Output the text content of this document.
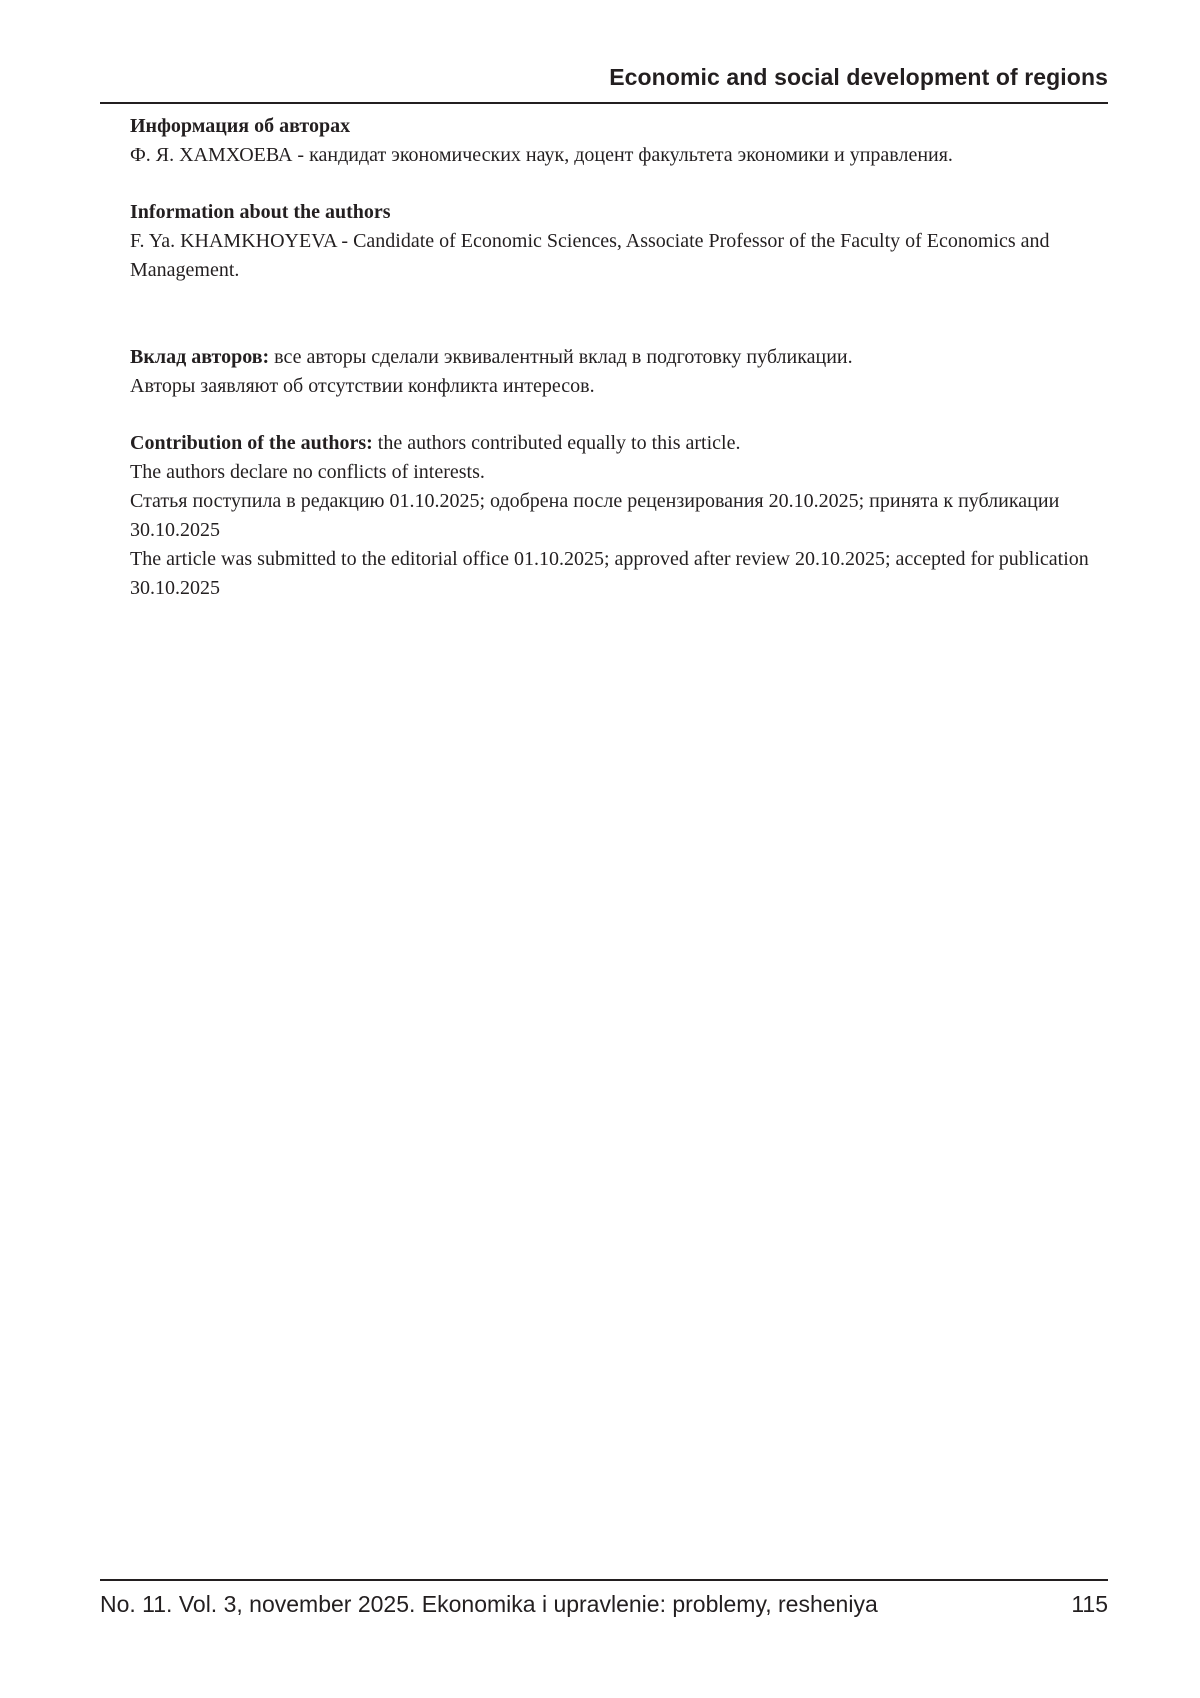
Economic and social development of regions

Информация об авторах

Ф. Я. ХАМХОЕВА - кандидат экономических наук, доцент факультета экономики и управления.

Information about the authors

F. Ya. KHAMKHOYEVA - Candidate of Economic Sciences, Associate Professor of the Faculty of Economics and Management.

Вклад авторов: все авторы сделали эквивалентный вклад в подготовку публикации.

Авторы заявляют об отсутствии конфликта интересов.

Contribution of the authors: the authors contributed equally to this article.

The authors declare no conflicts of interests.

Статья поступила в редакцию 01.10.2025; одобрена после рецензирования 20.10.2025; принята к публикации 30.10.2025

The article was submitted to the editorial office 01.10.2025; approved after review 20.10.2025; accepted for publication 30.10.2025

No. 11. Vol. 3, november 2025. Ekonomika i upravlenie: problemy, resheniya	115
